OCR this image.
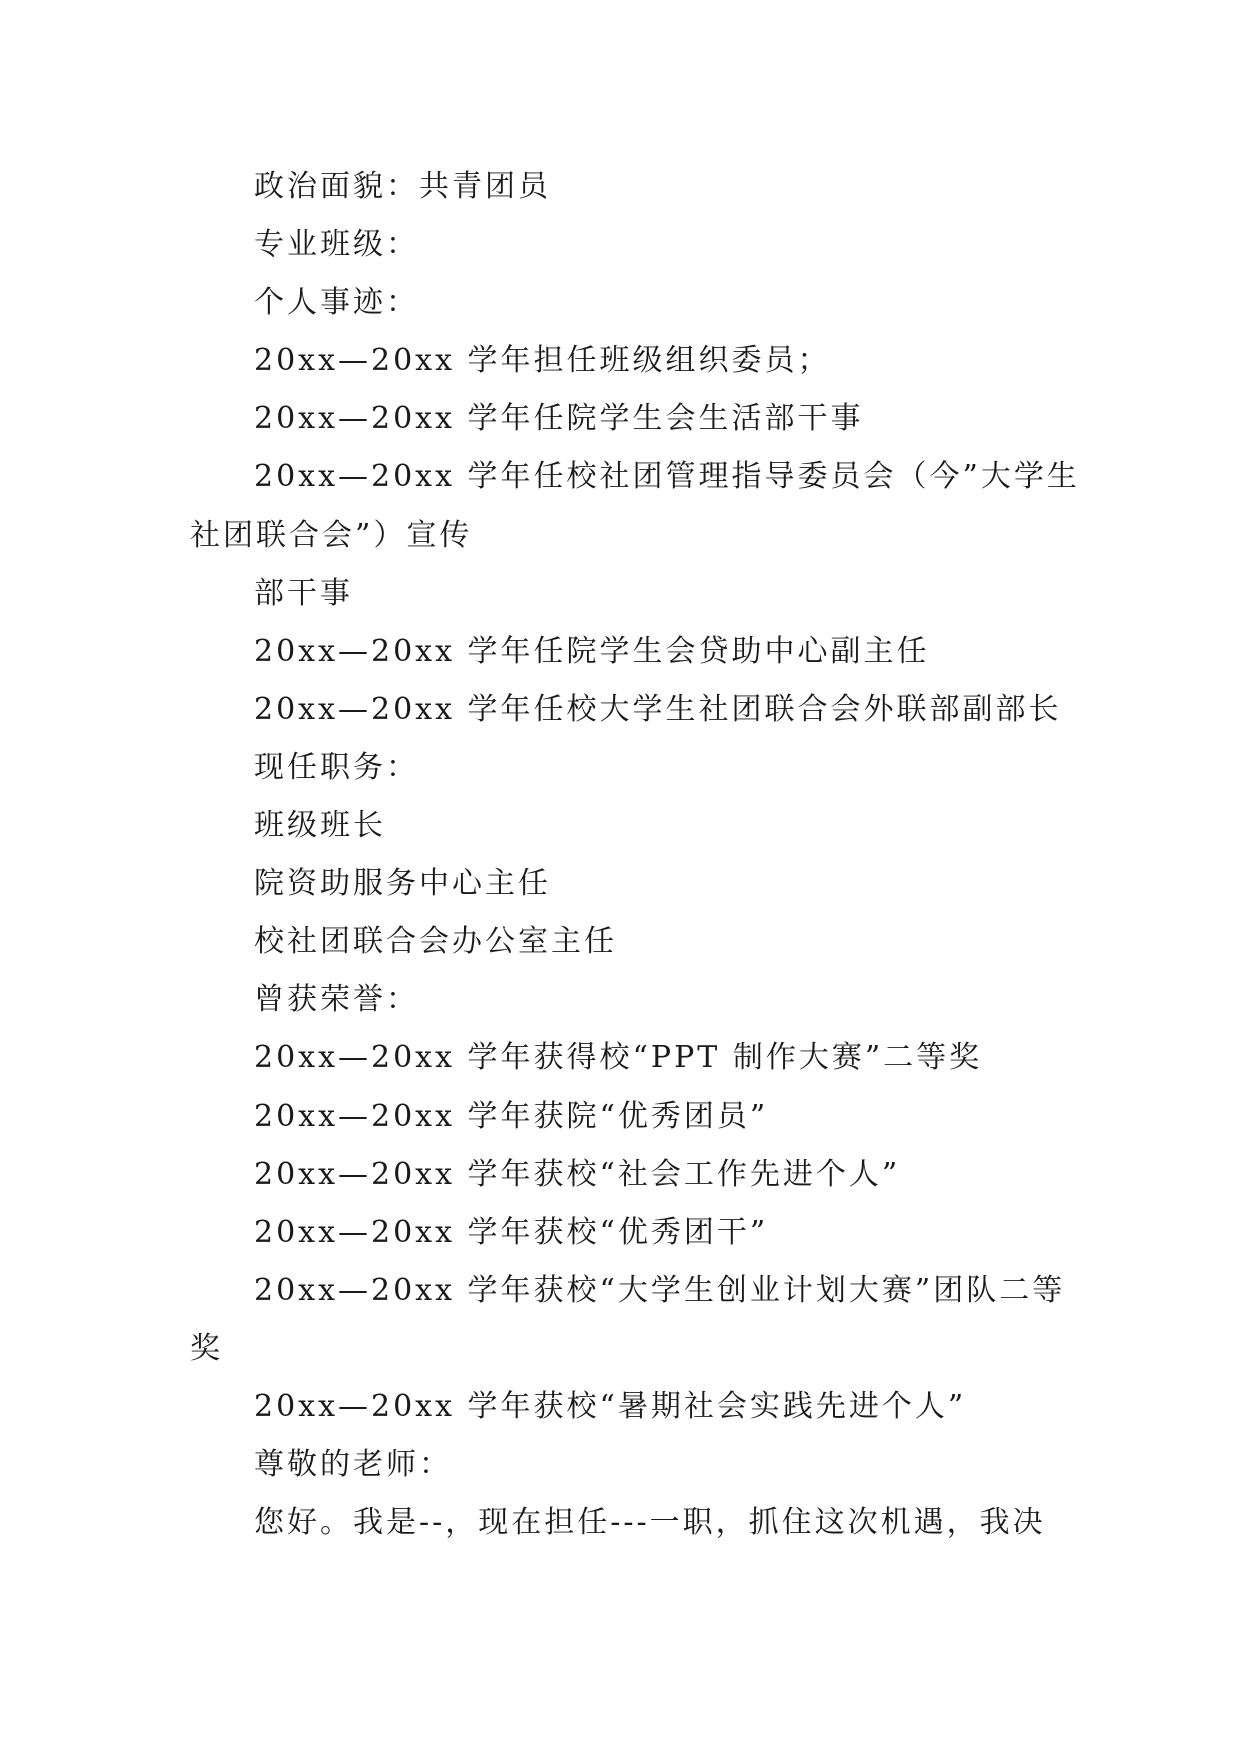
政治面貌：共青团员
专业班级：
个人事迹：
20xx—20xx 学年担任班级组织委员；
20xx—20xx 学年任院学生会生活部干事
20xx—20xx 学年任校社团管理指导委员会（今”大学生
社团联合会”）宣传
部干事
20xx—20xx 学年任院学生会贷助中心副主任
20xx—20xx 学年任校大学生社团联合会外联部副部长
现任职务：
班级班长
院资助服务中心主任
校社团联合会办公室主任
曾获荣誉：
20xx—20xx 学年获得校“PPT 制作大赛”二等奖
20xx—20xx 学年获院“优秀团员”
20xx—20xx 学年获校“社会工作先进个人”
20xx—20xx 学年获校“优秀团干”
20xx—20xx 学年获校“大学生创业计划大赛”团队二等
奖
20xx—20xx 学年获校“暑期社会实践先进个人”
尊敬的老师：
您好。我是--，现在担任---一职，抓住这次机遇，我决
